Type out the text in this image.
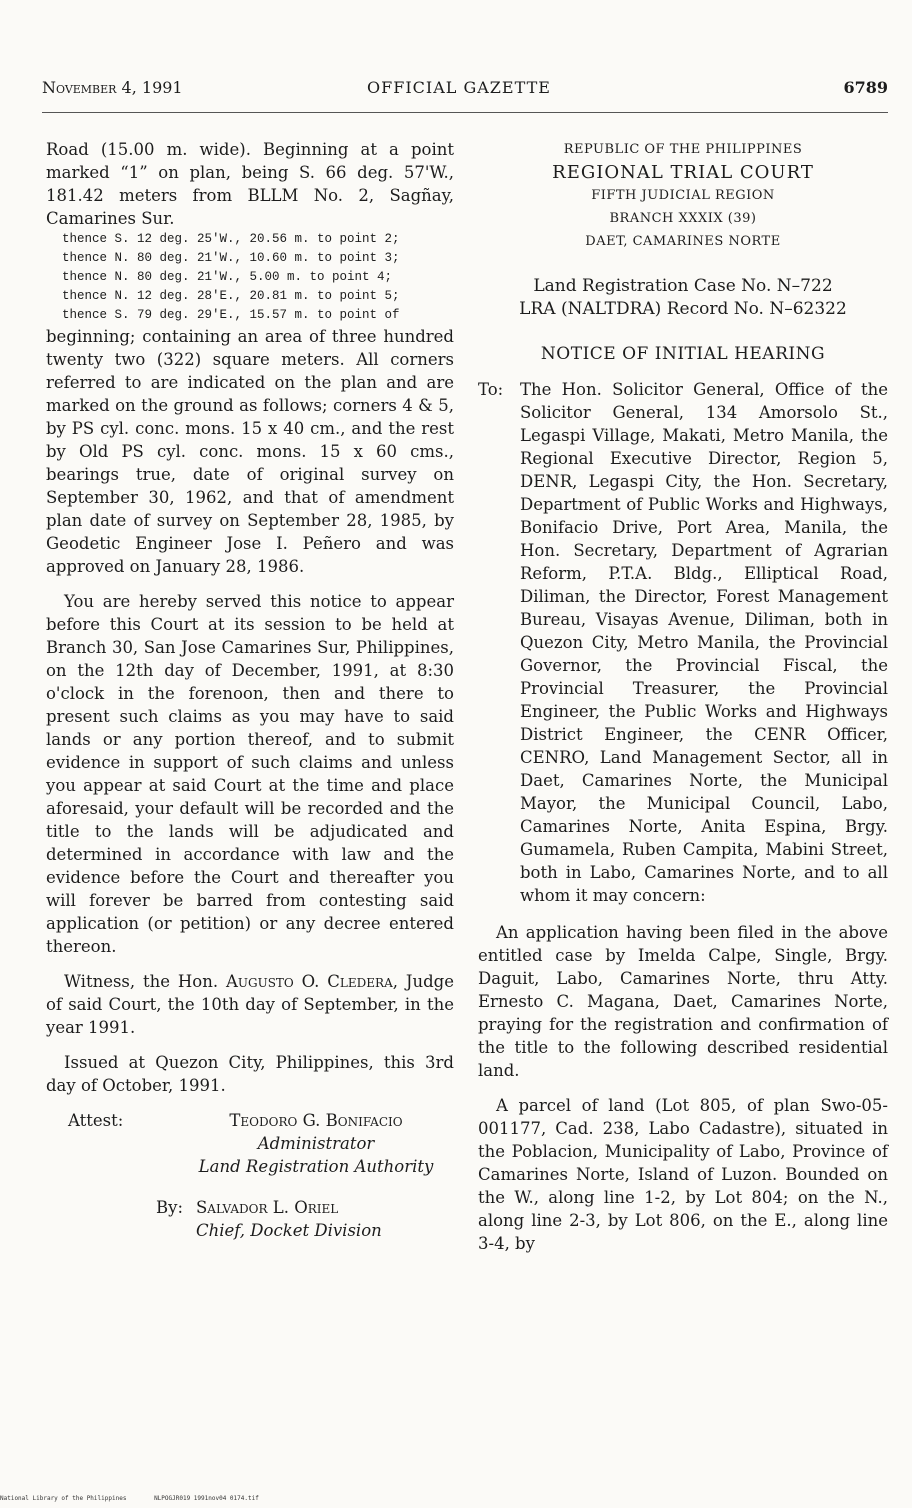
November 4, 1991	OFFICIAL GAZETTE	6789

Road (15.00 m. wide). Beginning at a point marked “1” on plan, being S. 66 deg. 57'W., 181.42 meters from BLLM No. 2, Sagñay, Camarines Sur.

thence S. 12 deg. 25'W., 20.56 m. to point 2;
thence N. 80 deg. 21'W., 10.60 m. to point 3;
thence N. 80 deg. 21'W., 5.00 m. to point 4;
thence N. 12 deg. 28'E., 20.81 m. to point 5;
thence S. 79 deg. 29'E., 15.57 m. to point of

beginning; containing an area of three hundred twenty two (322) square meters. All corners referred to are indicated on the plan and are marked on the ground as follows; corners 4 & 5, by PS cyl. conc. mons. 15 x 40 cm., and the rest by Old PS cyl. conc. mons. 15 x 60 cms., bearings true, date of original survey on September 30, 1962, and that of amendment plan date of survey on September 28, 1985, by Geodetic Engineer Jose I. Peñero and was approved on January 28, 1986.

You are hereby served this notice to appear before this Court at its session to be held at Branch 30, San Jose Camarines Sur, Philippines, on the 12th day of December, 1991, at 8:30 o'clock in the forenoon, then and there to present such claims as you may have to said lands or any portion thereof, and to submit evidence in support of such claims and unless you appear at said Court at the time and place aforesaid, your default will be recorded and the title to the lands will be adjudicated and determined in accordance with law and the evidence before the Court and thereafter you will forever be barred from contesting said application (or petition) or any decree entered thereon.

Witness, the Hon. Augusto O. Cledera, Judge of said Court, the 10th day of September, in the year 1991.

Issued at Quezon City, Philippines, this 3rd day of October, 1991.

Attest:	Teodoro G. Bonifacio
Administrator
Land Registration Authority
By: Salvador L. Oriel
Chief, Docket Division
REPUBLIC OF THE PHILIPPINES
REGIONAL TRIAL COURT
FIFTH JUDICIAL REGION
BRANCH XXXIX (39)
DAET, CAMARINES NORTE
Land Registration Case No. N–722
LRA (NALTDRA) Record No. N–62322
NOTICE OF INITIAL HEARING
To:	The Hon. Solicitor General, Office of the Solicitor General, 134 Amorsolo St., Legaspi Village, Makati, Metro Manila, the Regional Executive Director, Region 5, DENR, Legaspi City, the Hon. Secretary, Department of Public Works and Highways, Bonifacio Drive, Port Area, Manila, the Hon. Secretary, Department of Agrarian Reform, P.T.A. Bldg., Elliptical Road, Diliman, the Director, Forest Management Bureau, Visayas Avenue, Diliman, both in Quezon City, Metro Manila, the Provincial Governor, the Provincial Fiscal, the Provincial Treasurer, the Provincial Engineer, the Public Works and Highways District Engineer, the CENR Officer, CENRO, Land Management Sector, all in Daet, Camarines Norte, the Municipal Mayor, the Municipal Council, Labo, Camarines Norte, Anita Espina, Brgy. Gumamela, Ruben Campita, Mabini Street, both in Labo, Camarines Norte, and to all whom it may concern:

An application having been filed in the above entitled case by Imelda Calpe, Single, Brgy. Daguit, Labo, Camarines Norte, thru Atty. Ernesto C. Magana, Daet, Camarines Norte, praying for the registration and confirmation of the title to the following described residential land.

A parcel of land (Lot 805, of plan Swo-05-001177, Cad. 238, Labo Cadastre), situated in the Poblacion, Municipality of Labo, Province of Camarines Norte, Island of Luzon. Bounded on the W., along line 1-2, by Lot 804; on the N., along line 2-3, by Lot 806, on the E., along line 3-4, by

National Library of the Philippines	NLPOGJR019 1991nov04 0174.tif
